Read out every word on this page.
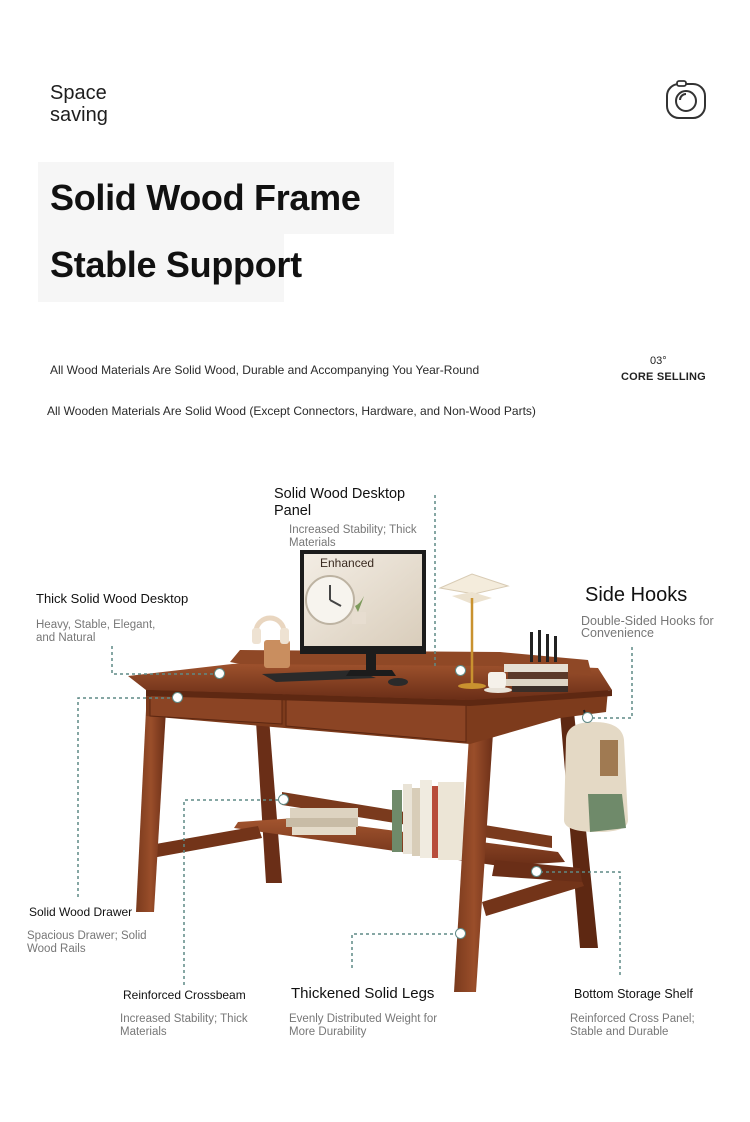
Space
saving
Solid Wood Frame
Stable Support
All Wood Materials Are Solid Wood, Durable and Accompanying You Year-Round
All Wooden Materials Are Solid Wood (Except Connectors, Hardware, and Non-Wood Parts)
03°
CORE SELLING
Enhanced
Solid Wood Desktop Panel
Increased Stability; Thick Materials
Thick Solid Wood Desktop
Heavy, Stable, Elegant, and Natural
Side Hooks
Double-Sided Hooks for Convenience
Solid Wood Drawer
Spacious Drawer; Solid Wood Rails
Reinforced Crossbeam
Increased Stability; Thick Materials
Thickened Solid Legs
Evenly Distributed Weight for More Durability
Bottom Storage Shelf
Reinforced Cross Panel; Stable and Durable
